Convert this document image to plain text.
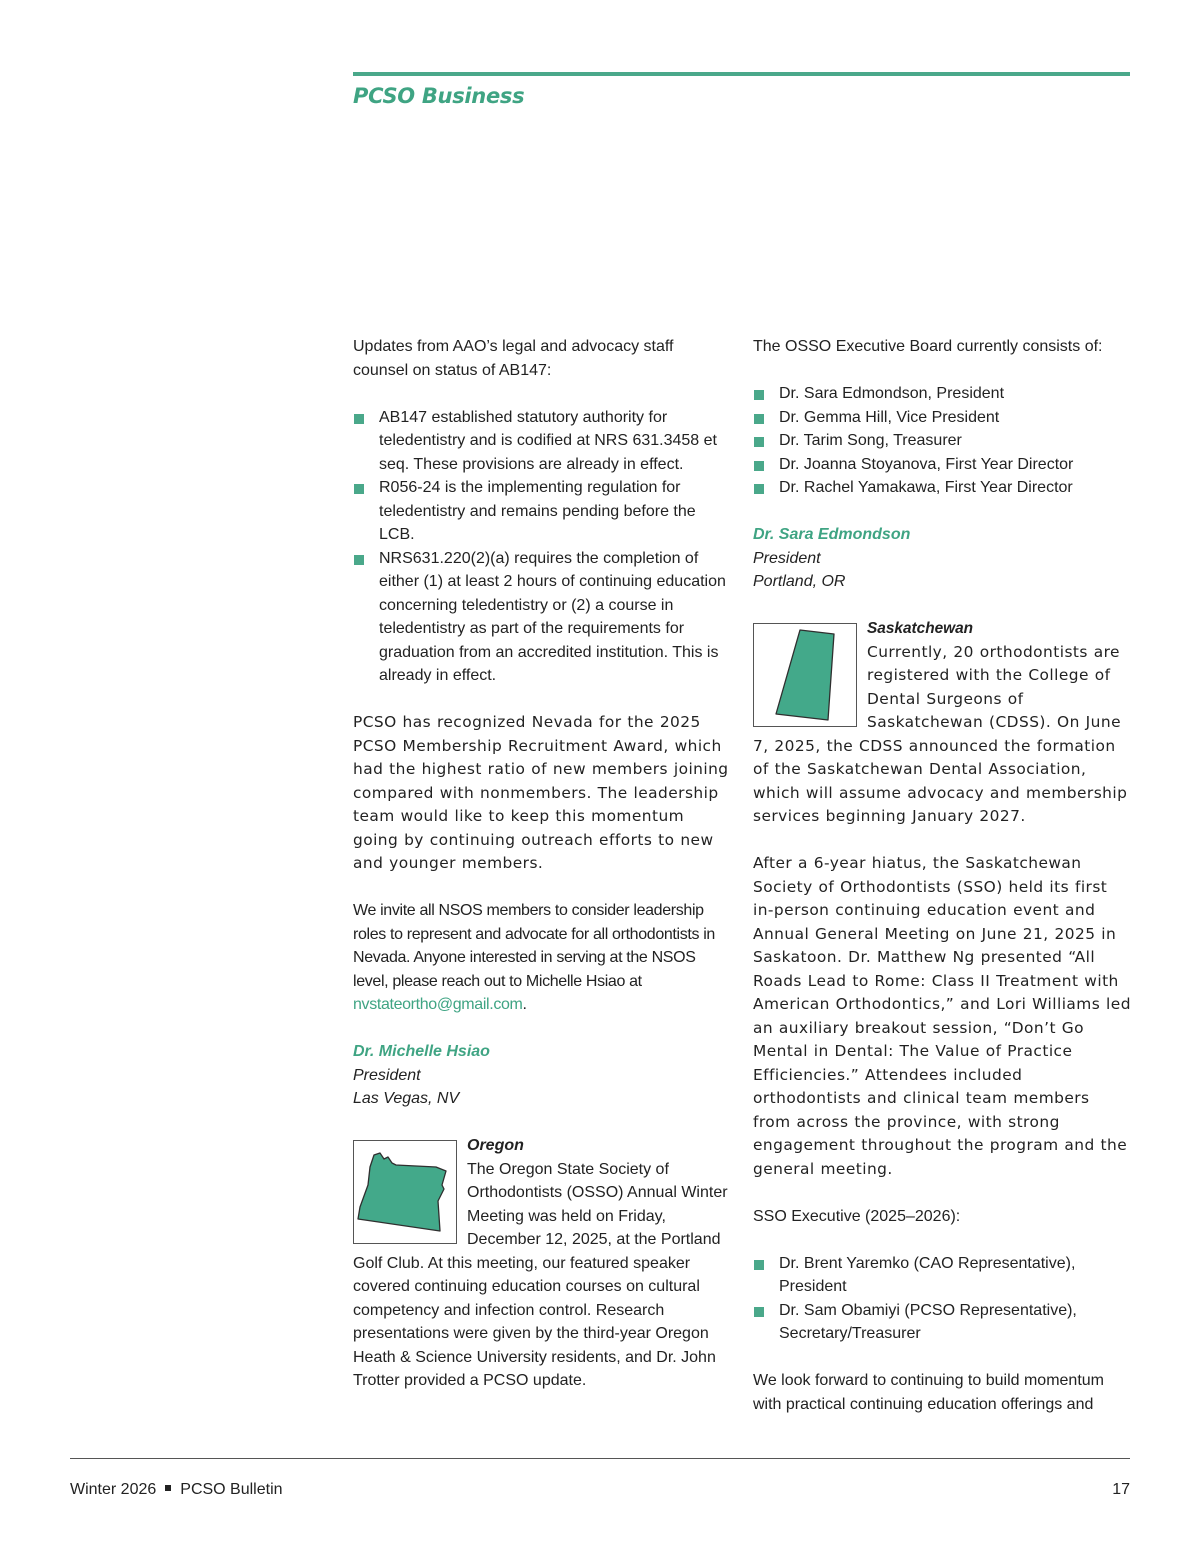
PCSO Business

Updates from AAO’s legal and advocacy staff counsel on status of AB147:

AB147 established statutory authority for teledentistry and is codified at NRS 631.3458 et seq. These provisions are already in effect.
R056-24 is the implementing regulation for teledentistry and remains pending before the LCB.
NRS631.220(2)(a) requires the completion of either (1) at least 2 hours of continuing education concerning teledentistry or (2) a course in teledentistry as part of the requirements for graduation from an accredited institution. This is already in effect.

PCSO has recognized Nevada for the 2025 PCSO Membership Recruitment Award, which had the highest ratio of new members joining compared with nonmembers. The leadership team would like to keep this momentum going by continuing outreach efforts to new and younger members.

We invite all NSOS members to consider leadership roles to represent and advocate for all orthodontists in Nevada. Anyone interested in serving at the NSOS level, please reach out to Michelle Hsiao at nvstateortho@gmail.com.

Dr. Michelle Hsiao
President
Las Vegas, NV
Oregon
The Oregon State Society of Orthodontists (OSSO) Annual Winter Meeting was held on Friday, December 12, 2025, at the Portland Golf Club. At this meeting, our featured speaker covered continuing education courses on cultural competency and infection control. Research presentations were given by the third-year Oregon Heath & Science University residents, and Dr. John Trotter provided a PCSO update.

The OSSO Executive Board currently consists of:

Dr. Sara Edmondson, President
Dr. Gemma Hill, Vice President
Dr. Tarim Song, Treasurer
Dr. Joanna Stoyanova, First Year Director
Dr. Rachel Yamakawa, First Year Director
Dr. Sara Edmondson
President
Portland, OR
Saskatchewan
Currently, 20 orthodontists are registered with the College of Dental Surgeons of Saskatchewan (CDSS). On June 7, 2025, the CDSS announced the formation of the Saskatchewan Dental Association, which will assume advocacy and membership services beginning January 2027.

After a 6-year hiatus, the Saskatchewan Society of Orthodontists (SSO) held its first in-person continuing education event and Annual General Meeting on June 21, 2025 in Saskatoon. Dr. Matthew Ng presented “All Roads Lead to Rome: Class II Treatment with American Orthodontics,” and Lori Williams led an auxiliary breakout session, “Don’t Go Mental in Dental: The Value of Practice Efficiencies.” Attendees included orthodontists and clinical team members from across the province, with strong engagement throughout the program and the general meeting.

SSO Executive (2025–2026):

Dr. Brent Yaremko (CAO Representative), President
Dr. Sam Obamiyi (PCSO Representative), Secretary/Treasurer

We look forward to continuing to build momentum with practical continuing education offerings and

Winter 2026 PCSO Bulletin	17
